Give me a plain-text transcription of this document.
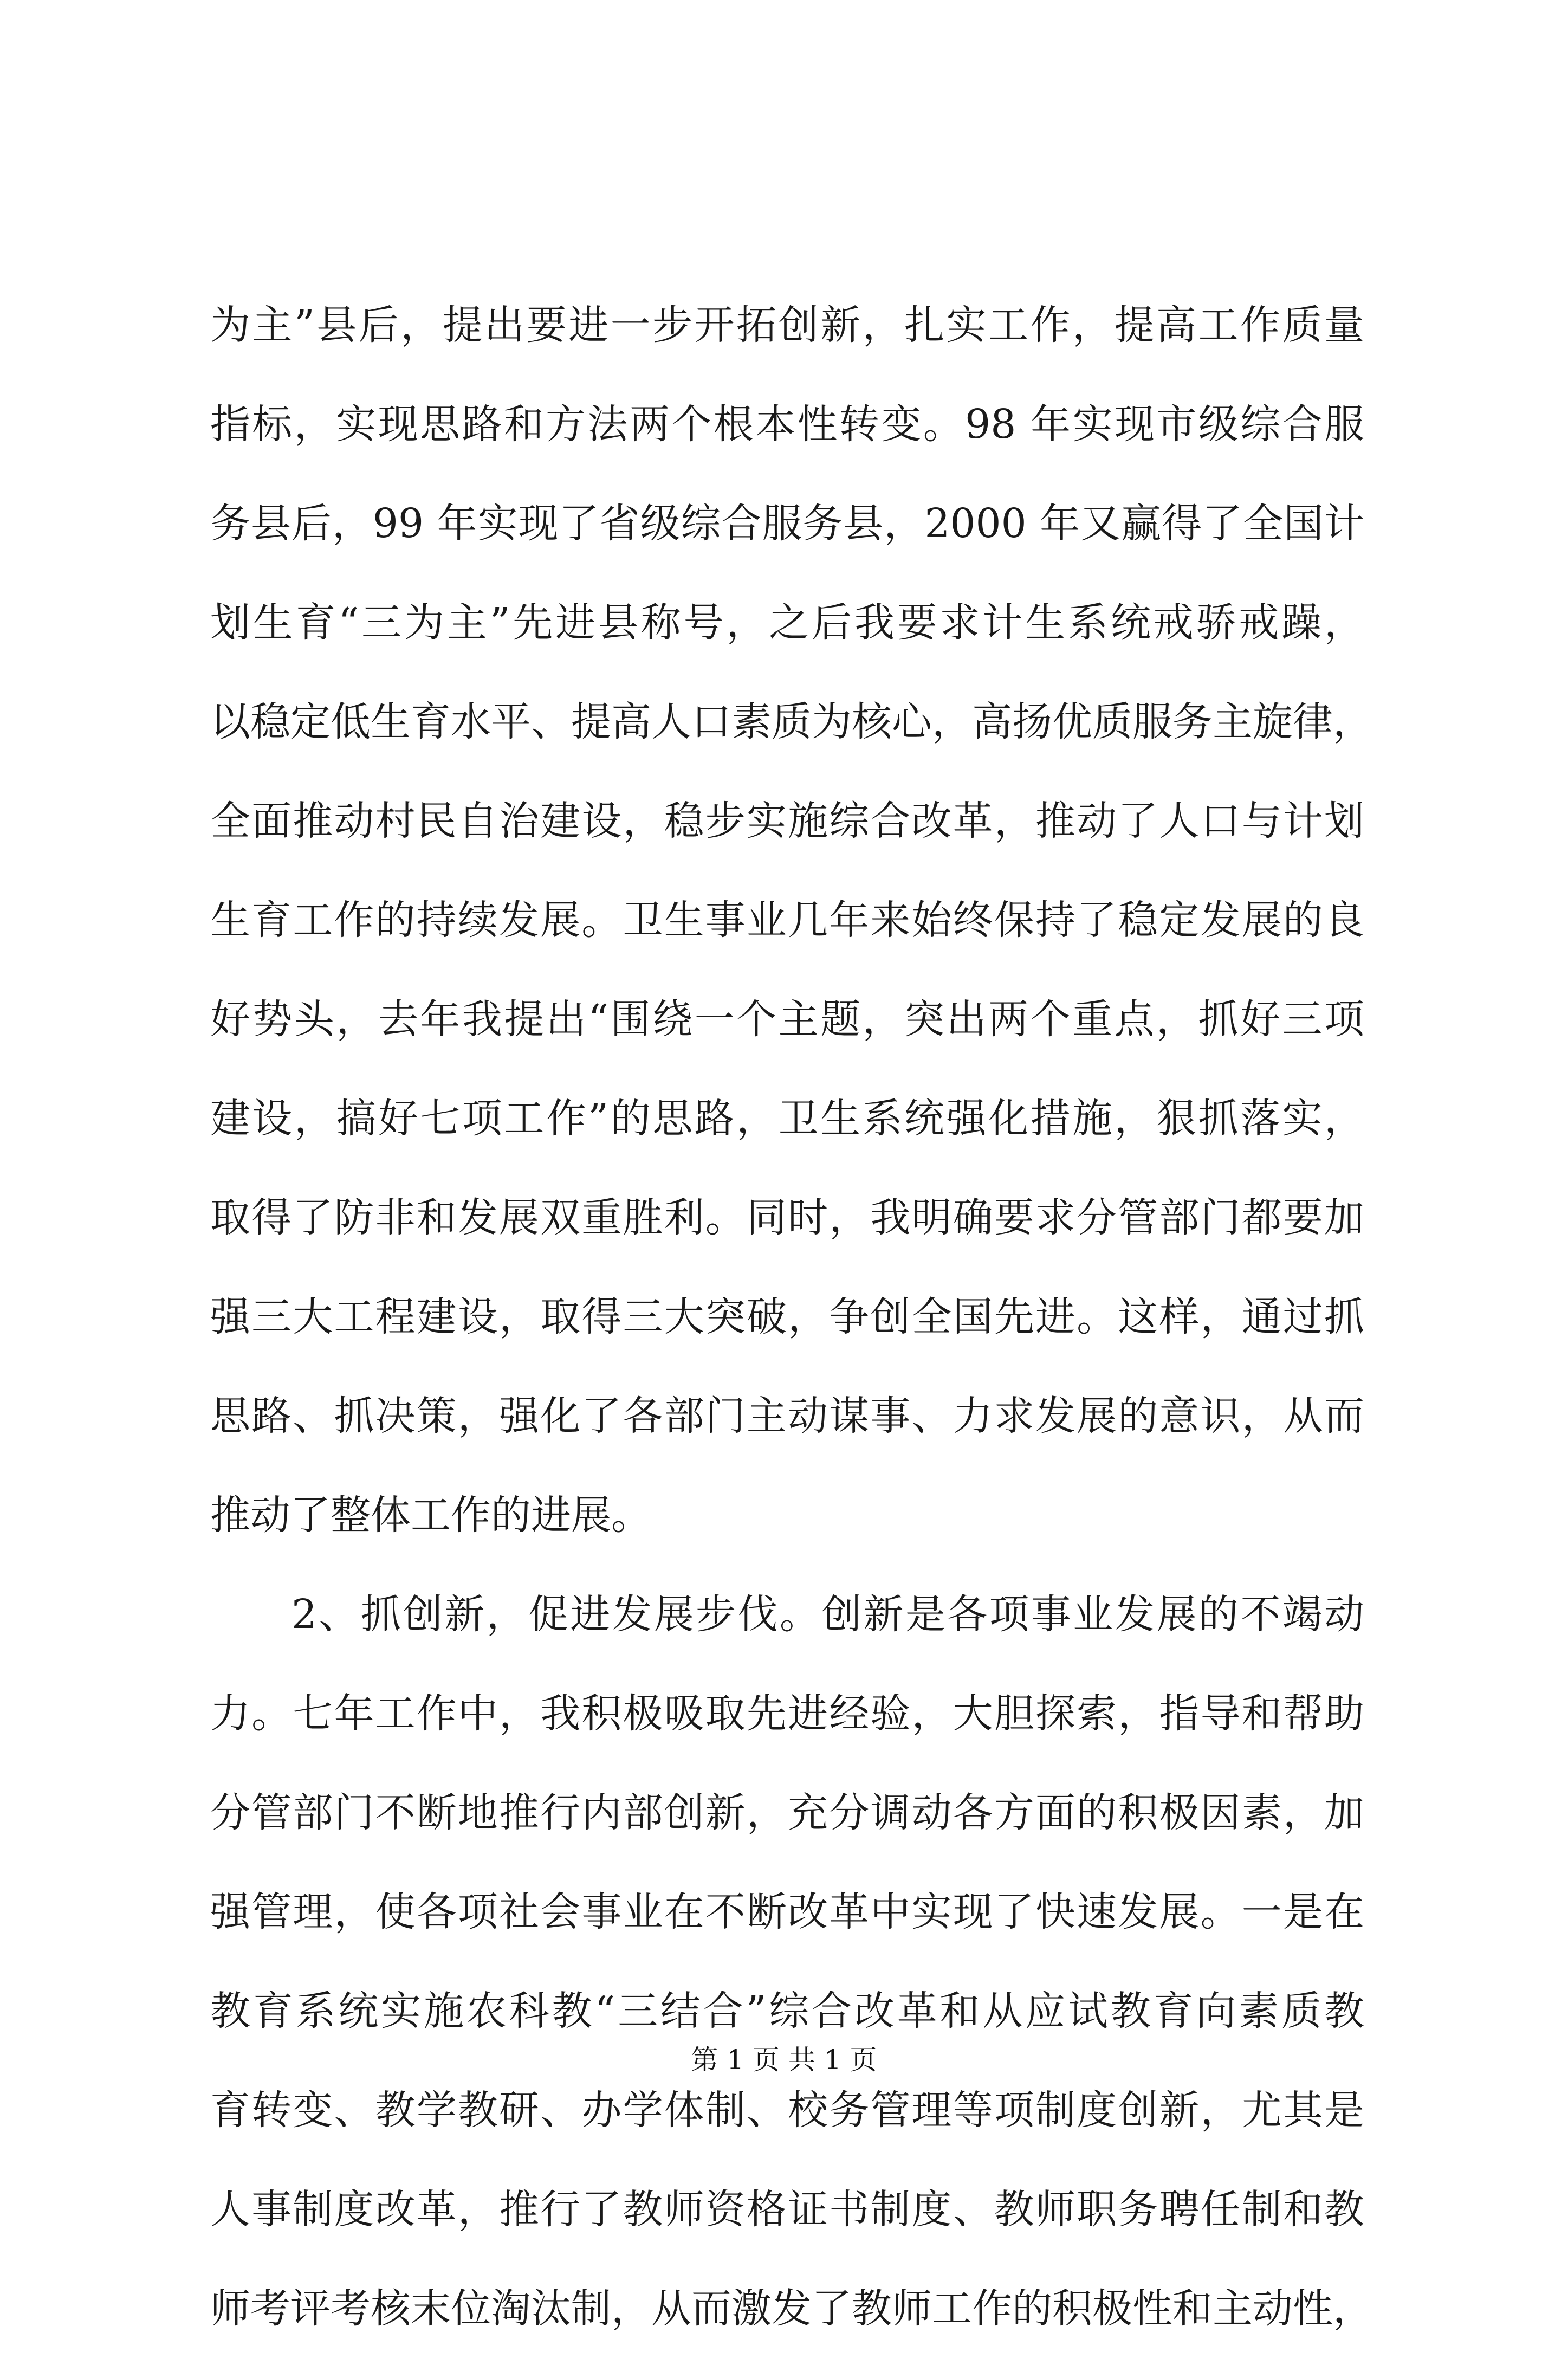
为主”县后，提出要进一步开拓创新，扎实工作，提高工作质量
指标，实现思路和方法两个根本性转变。98 年实现市级综合服
务县后，99 年实现了省级综合服务县，2000 年又赢得了全国计
划生育“三为主”先进县称号，之后我要求计生系统戒骄戒躁，
以稳定低生育水平、提高人口素质为核心，高扬优质服务主旋律，
全面推动村民自治建设，稳步实施综合改革，推动了人口与计划
生育工作的持续发展。卫生事业几年来始终保持了稳定发展的良
好势头，去年我提出“围绕一个主题，突出两个重点，抓好三项
建设，搞好七项工作”的思路，卫生系统强化措施，狠抓落实，
取得了防非和发展双重胜利。同时，我明确要求分管部门都要加
强三大工程建设，取得三大突破，争创全国先进。这样，通过抓
思路、抓决策，强化了各部门主动谋事、力求发展的意识，从而
推动了整体工作的进展。
2、抓创新，促进发展步伐。创新是各项事业发展的不竭动
力。七年工作中，我积极吸取先进经验，大胆探索，指导和帮助
分管部门不断地推行内部创新，充分调动各方面的积极因素，加
强管理，使各项社会事业在不断改革中实现了快速发展。一是在
教育系统实施农科教“三结合”综合改革和从应试教育向素质教
育转变、教学教研、办学体制、校务管理等项制度创新，尤其是
人事制度改革，推行了教师资格证书制度、教师职务聘任制和教
师考评考核末位淘汰制，从而激发了教师工作的积极性和主动性，
第 1 页 共 1 页
